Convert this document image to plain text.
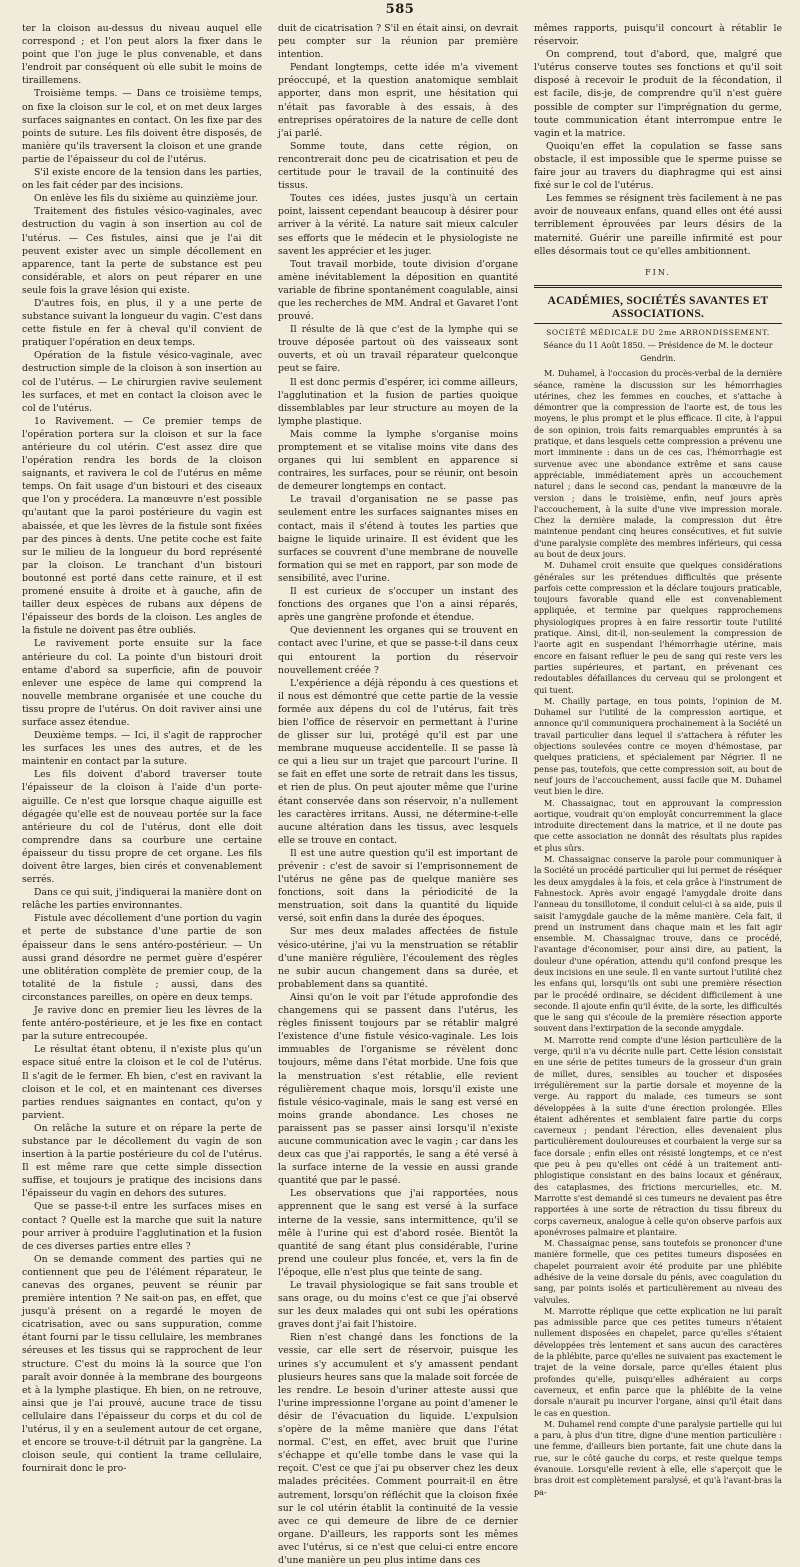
585

ter la cloison au-dessus du niveau auquel elle correspond ; et l'on peut alors la fixer dans le point que l'on juge le plus convenable, et dans l'endroit par conséquent où elle subit le moins de tiraillemens.

Troisième temps. — Dans ce troisième temps, on fixe la cloison sur le col, et on met deux larges surfaces saignantes en contact. On les fixe par des points de suture. Les fils doivent être disposés, de manière qu'ils traversent la cloison et une grande partie de l'épaisseur du col de l'utérus.

S'il existe encore de la tension dans les parties, on les fait céder par des incisions.

On enlève les fils du sixième au quinzième jour.

Traitement des fistules vésico-vaginales, avec destruction du vagin à son insertion au col de l'utérus. — Ces fistules, ainsi que je l'ai dit peuvent exister avec un simple décollement en apparence, tant la perte de substance est peu considérable, et alors on peut réparer en une seule fois la grave lésion qui existe.

D'autres fois, en plus, il y a une perte de substance suivant la longueur du vagin. C'est dans cette fistule en fer à cheval qu'il convient de pratiquer l'opération en deux temps.

Opération de la fistule vésico-vaginale, avec destruction simple de la cloison à son insertion au col de l'utérus. — Le chirurgien ravive seulement les surfaces, et met en contact la cloison avec le col de l'utérus.

1o Ravivement. — Ce premier temps de l'opération portera sur la cloison et sur la face antérieure du col utérin. C'est assez dire que l'opération rendra les bords de la cloison saignants, et ravivera le col de l'utérus en même temps. On fait usage d'un bistouri et des ciseaux que l'on y procédera. La manœuvre n'est possible qu'autant que la paroi postérieure du vagin est abaissée, et que les lèvres de la fistule sont fixées par des pinces à dents. Une petite coche est faite sur le milieu de la longueur du bord représenté par la cloison. Le tranchant d'un bistouri boutonné est porté dans cette rainure, et il est promené ensuite à droite et à gauche, afin de tailler deux espèces de rubans aux dépens de l'épaisseur des bords de la cloison. Les angles de la fistule ne doivent pas être oubliés.

Le ravivement porte ensuite sur la face antérieure du col. La pointe d'un bistouri droit entame d'abord sa superficie, afin de pouvoir enlever une espèce de lame qui comprend la nouvelle membrane organisée et une couche du tissu propre de l'utérus. On doit raviver ainsi une surface assez étendue.

Deuxième temps. — Ici, il s'agit de rapprocher les surfaces les unes des autres, et de les maintenir en contact par la suture.

Les fils doivent d'abord traverser toute l'épaisseur de la cloison à l'aide d'un porte-aiguille. Ce n'est que lorsque chaque aiguille est dégagée qu'elle est de nouveau portée sur la face antérieure du col de l'utérus, dont elle doit comprendre dans sa courbure une certaine épaisseur du tissu propre de cet organe. Les fils doivent être larges, bien cirés et convenablement serrés.

Dans ce qui suit, j'indiquerai la manière dont on relâche les parties environnantes.

Fistule avec décollement d'une portion du vagin et perte de substance d'une partie de son épaisseur dans le sens antéro-postérieur. — Un aussi grand désordre ne permet guère d'espérer une oblitération complète de premier coup, de la totalité de la fistule ; aussi, dans des circonstances pareilles, on opère en deux temps.

Je ravive donc en premier lieu les lèvres de la fente antéro-postérieure, et je les fixe en contact par la suture entrecoupée.

Le résultat étant obtenu, il n'existe plus qu'un espace situé entre la cloison et le col de l'utérus. Il s'agit de le fermer. Eh bien, c'est en ravivant la cloison et le col, et en maintenant ces diverses parties rendues saignantes en contact, qu'on y parvient.

On relâche la suture et on répare la perte de substance par le décollement du vagin de son insertion à la partie postérieure du col de l'utérus. Il est même rare que cette simple dissection suffise, et toujours je pratique des incisions dans l'épaisseur du vagin en dehors des sutures.

Que se passe-t-il entre les surfaces mises en contact ? Quelle est la marche que suit la nature pour arriver à produire l'agglutination et la fusion de ces diverses parties entre elles ?

On se demande comment des parties qui ne contiennent que peu de l'élément réparateur, le canevas des organes, peuvent se réunir par première intention ? Ne sait-on pas, en effet, que jusqu'à présent on a regardé le moyen de cicatrisation, avec ou sans suppuration, comme étant fourni par le tissu cellulaire, les membranes séreuses et les tissus qui se rapprochent de leur structure. C'est du moins là la source que l'on paraît avoir donnée à la membrane des bourgeons et à la lymphe plastique. Eh bien, on ne retrouve, ainsi que je l'ai prouvé, aucune trace de tissu cellulaire dans l'épaisseur du corps et du col de l'utérus, il y en a seulement autour de cet organe, et encore se trouve-t-il détruit par la gangrène. La cloison seule, qui contient la trame cellulaire, fournirait donc le pro-

duit de cicatrisation ? S'il en était ainsi, on devrait peu compter sur la réunion par première intention.

Pendant longtemps, cette idée m'a vivement préoccupé, et la question anatomique semblait apporter, dans mon esprit, une hésitation qui n'était pas favorable à des essais, à des entreprises opératoires de la nature de celle dont j'ai parlé.

Somme toute, dans cette région, on rencontrerait donc peu de cicatrisation et peu de certitude pour le travail de la continuité des tissus.

Toutes ces idées, justes jusqu'à un certain point, laissent cependant beaucoup à désirer pour arriver à la vérité. La nature sait mieux calculer ses efforts que le médecin et le physiologiste ne savent les apprécier et les juger.

Tout travail morbide, toute division d'organe amène inévitablement la déposition en quantité variable de fibrine spontanément coagulable, ainsi que les recherches de MM. Andral et Gavaret l'ont prouvé.

Il résulte de là que c'est de la lymphe qui se trouve déposée partout où des vaisseaux sont ouverts, et où un travail réparateur quelconque peut se faire.

Il est donc permis d'espérer, ici comme ailleurs, l'agglutination et la fusion de parties quoique dissemblables par leur structure au moyen de la lymphe plastique.

Mais comme la lymphe s'organise moins promptement et se vitalise moins vite dans des organes qui lui semblent en apparence si contraires, les surfaces, pour se réunir, ont besoin de demeurer longtemps en contact.

Le travail d'organisation ne se passe pas seulement entre les surfaces saignantes mises en contact, mais il s'étend à toutes les parties que baigne le liquide urinaire. Il est évident que les surfaces se couvrent d'une membrane de nouvelle formation qui se met en rapport, par son mode de sensibilité, avec l'urine.

Il est curieux de s'occuper un instant des fonctions des organes que l'on a ainsi réparés, après une gangrène profonde et étendue.

Que deviennent les organes qui se trouvent en contact avec l'urine, et que se passe-t-il dans ceux qui entourent la portion du réservoir nouvellement créée ?

L'expérience a déjà répondu à ces questions et il nous est démontré que cette partie de la vessie formée aux dépens du col de l'utérus, fait très bien l'office de réservoir en permettant à l'urine de glisser sur lui, protégé qu'il est par une membrane muqueuse accidentelle. Il se passe là ce qui a lieu sur un trajet que parcourt l'urine. Il se fait en effet une sorte de retrait dans les tissus, et rien de plus. On peut ajouter même que l'urine étant conservée dans son réservoir, n'a nullement les caractères irritans. Aussi, ne détermine-t-elle aucune altération dans les tissus, avec lesquels elle se trouve en contact.

Il est une autre question qu'il est important de prévenir : c'est de savoir si l'emprisonnement de l'utérus ne gêne pas de quelque manière ses fonctions, soit dans la périodicité de la menstruation, soit dans la quantité du liquide versé, soit enfin dans la durée des époques.

Sur mes deux malades affectées de fistule vésico-utérine, j'ai vu la menstruation se rétablir d'une manière régulière, l'écoulement des règles ne subir aucun changement dans sa durée, et probablement dans sa quantité.

Ainsi qu'on le voit par l'étude approfondie des changemens qui se passent dans l'utérus, les règles finissent toujours par se rétablir malgré l'existence d'une fistule vésico-vaginale. Les lois immuables de l'organisme se révèlent donc toujours, même dans l'état morbide. Une fois que la menstruation s'est rétablie, elle revient régulièrement chaque mois, lorsqu'il existe une fistule vésico-vaginale, mais le sang est versé en moins grande abondance. Les choses ne paraissent pas se passer ainsi lorsqu'il n'existe aucune communication avec le vagin ; car dans les deux cas que j'ai rapportés, le sang a été versé à la surface interne de la vessie en aussi grande quantité que par le passé.

Les observations que j'ai rapportées, nous apprennent que le sang est versé à la surface interne de la vessie, sans intermittence, qu'il se mêle à l'urine qui est d'abord rosée. Bientôt la quantité de sang étant plus considérable, l'urine prend une couleur plus foncée, et, vers la fin de l'époque, elle n'est plus que teinte de sang.

Le travail physiologique se fait sans trouble et sans orage, ou du moins c'est ce que j'ai observé sur les deux malades qui ont subi les opérations graves dont j'ai fait l'histoire.

Rien n'est changé dans les fonctions de la vessie, car elle sert de réservoir, puisque les urines s'y accumulent et s'y amassent pendant plusieurs heures sans que la malade soit forcée de les rendre. Le besoin d'uriner atteste aussi que l'urine impressionne l'organe au point d'amener le désir de l'évacuation du liquide. L'expulsion s'opère de la même manière que dans l'état normal. C'est, en effet, avec bruit que l'urine s'échappe et qu'elle tombe dans le vase qui la reçoit. C'est ce que j'ai pu observer chez les deux malades précitées. Comment pourrait-il en être autrement, lorsqu'on réfléchit que la cloison fixée sur le col utérin établit la continuité de la vessie avec ce qui demeure de libre de ce dernier organe. D'ailleurs, les rapports sont les mêmes avec l'utérus, si ce n'est que celui-ci entre encore d'une manière un peu plus intime dans ces

mêmes rapports, puisqu'il concourt à rétablir le réservoir.

On comprend, tout d'abord, que, malgré que l'utérus conserve toutes ses fonctions et qu'il soit disposé à recevoir le produit de la fécondation, il est facile, dis-je, de comprendre qu'il n'est guère possible de compter sur l'imprégnation du germe, toute communication étant interrompue entre le vagin et la matrice.

Quoiqu'en effet la copulation se fasse sans obstacle, il est impossible que le sperme puisse se faire jour au travers du diaphragme qui est ainsi fixé sur le col de l'utérus.

Les femmes se résignent très facilement à ne pas avoir de nouveaux enfans, quand elles ont été aussi terriblement éprouvées par leurs désirs de la maternité. Guérir une pareille infirmité est pour elles désormais tout ce qu'elles ambitionnent.

FIN.
ACADÉMIES, SOCIÉTÉS SAVANTES ET ASSOCIATIONS.
SOCIÉTÉ MÉDICALE DU 2me ARRONDISSEMENT.
Séance du 11 Août 1850. — Présidence de M. le docteur Gendrin.

M. Duhamel, à l'occasion du procès-verbal de la dernière séance, ramène la discussion sur les hémorrhagies utérines, chez les femmes en couches, et s'attache à démontrer que la compression de l'aorte est, de tous les moyens, le plus prompt et le plus efficace. Il cite, à l'appui de son opinion, trois faits remarquables empruntés à sa pratique, et dans lesquels cette compression a prévenu une mort imminente : dans un de ces cas, l'hémorrhagie est survenue avec une abondance extrême et sans cause appréciable, immédiatement après un accouchement naturel ; dans le second cas, pendant la manœuvre de la version ; dans le troisième, enfin, neuf jours après l'accouchement, à la suite d'une vive impression morale. Chez la dernière malade, la compression dut être maintenue pendant cinq heures consécutives, et fut suivie d'une paralysie complète des membres inférieurs, qui cessa au bout de deux jours.

M. Duhamel croit ensuite que quelques considérations générales sur les prétendues difficultés que présente parfois cette compression et la déclare toujours praticable, toujours favorable quand elle est convenablement appliquée, et termine par quelques rapprochemens physiologiques propres à en faire ressortir toute l'utilité pratique. Ainsi, dit-il, non-seulement la compression de l'aorte agit en suspendant l'hémorrhagie utérine, mais encore en faisant refluer le peu de sang qui reste vers les parties supérieures, et partant, en prévenant ces redoutables défaillances du cerveau qui se prolongent et qui tuent.

M. Chailly partage, en tous points, l'opinion de M. Duhamel sur l'utilité de la compression aortique, et annonce qu'il communiquera prochainement à la Société un travail particulier dans lequel il s'attachera à réfuter les objections soulevées contre ce moyen d'hémostase, par quelques praticiens, et spécialement par Négrier. Il ne pense pas, toutefois, que cette compression soit, au bout de neuf jours de l'accouchement, aussi facile que M. Duhamel veut bien le dire.

M. Chassaignac, tout en approuvant la compression aortique, voudrait qu'on employât concurremment la glace introduite directement dans la matrice, et il ne doute pas que cette association ne donnât des résultats plus rapides et plus sûrs.

M. Chassaignac conserve la parole pour communiquer à la Société un procédé particulier qui lui permet de réséquer les deux amygdales à la fois, et cela grâce à l'instrument de Fahnestock. Après avoir engagé l'amygdale droite dans l'anneau du tonsillotome, il conduit celui-ci à sa aide, puis il saisit l'amygdale gauche de la même manière. Cela fait, il prend un instrument dans chaque main et les fait agir ensemble. M. Chassaignac trouve, dans ce procédé, l'avantage d'économiser, pour ainsi dire, au patient, la douleur d'une opération, attendu qu'il confond presque les deux incisions en une seule. Il en vante surtout l'utilité chez les enfans qui, lorsqu'ils ont subi une première résection par le procédé ordinaire, se décident difficilement à une seconde. Il ajoute enfin qu'il évite, de la sorte, les difficultés que le sang qui s'écoule de la première résection apporte souvent dans l'extirpation de la seconde amygdale.

M. Marrotte rend compte d'une lésion particulière de la verge, qu'il n'a vu décrite nulle part. Cette lésion consistait en une série de petites tumeurs de la grosseur d'un grain de millet, dures, sensibles au toucher et disposées irrégulièrement sur la partie dorsale et moyenne de la verge. Au rapport du malade, ces tumeurs se sont développées à la suite d'une érection prolongée. Elles étaient adhérentes et semblaient faire partie du corps caverneux ; pendant l'érection, elles devenaient plus particulièrement douloureuses et courbaient la verge sur sa face dorsale ; enfin elles ont résisté longtemps, et ce n'est que peu à peu qu'elles ont cédé à un traitement anti-phlogistique consistant en des bains locaux et généraux, des cataplasmes, des frictions mercurielles, etc. M. Marrotte s'est demandé si ces tumeurs ne devaient pas être rapportées à une sorte de rétraction du tissu fibreux du corps caverneux, analogue à celle qu'on observe parfois aux aponévroses palmaire et plantaire.

M. Chassaignac pense, sans toutefois se prononcer d'une manière formelle, que ces petites tumeurs disposées en chapelet pourraient avoir été produite par une phlébite adhésive de la veine dorsale du pénis, avec coagulation du sang, par points isolés et particulièrement au niveau des valvules.

M. Marrotte réplique que cette explication ne lui paraît pas admissible parce que ces petites tumeurs n'étaient nullement disposées en chapelet, parce qu'elles s'étaient développées très lentement et sans aucun des caractères de la phlébite, parce qu'elles ne suivaient pas exactement le trajet de la veine dorsale, parce qu'elles étaient plus profondes qu'elle, puisqu'elles adhéraient au corps caverneux, et enfin parce que la phlébite de la veine dorsale n'aurait pu incurver l'organe, ainsi qu'il était dans le cas en question.

M. Duhamel rend compte d'une paralysie partielle qui lui a paru, à plus d'un titre, digne d'une mention particulière : une femme, d'ailleurs bien portante, fait une chute dans la rue, sur le côté gauche du corps, et reste quelque temps évanouie. Lorsqu'elle revient à elle, elle s'aperçoit que le bras droit est complètement paralysé, et qu'à l'avant-bras la pa-
